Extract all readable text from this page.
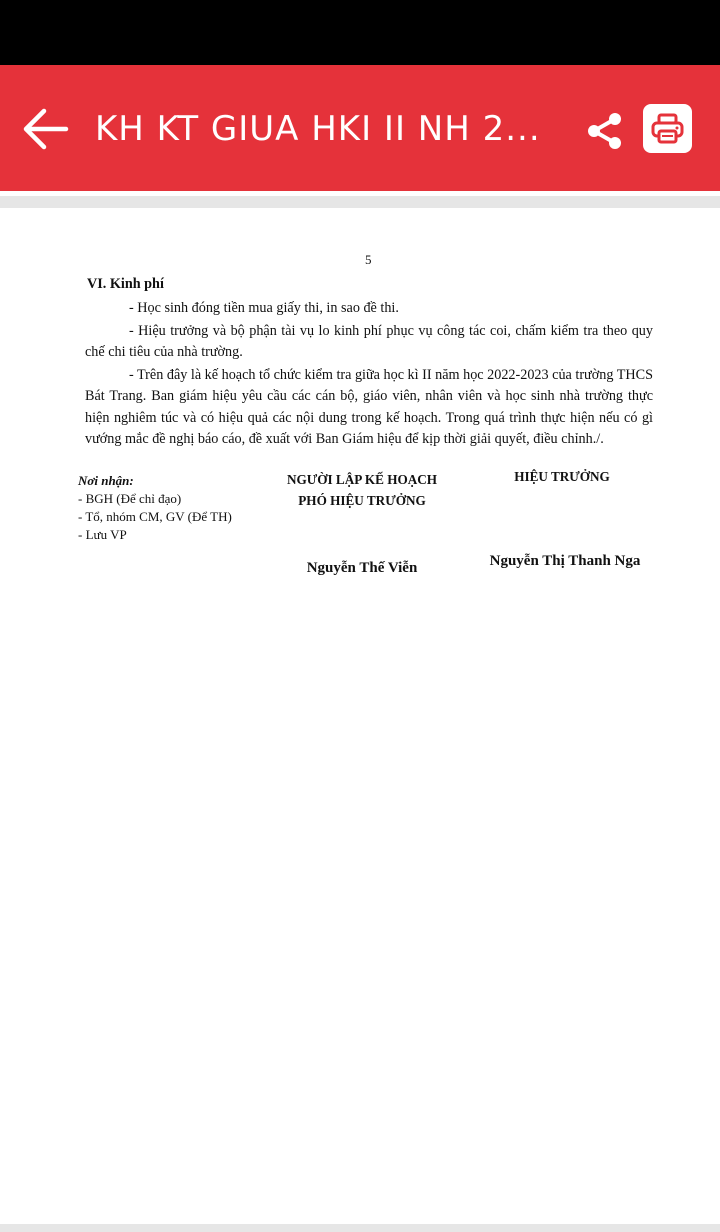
KH KT GIUA HKI II NH 2...
5
VI. Kinh phí
- Học sinh đóng tiền mua giấy thi, in sao đề thi.
- Hiệu trưởng và bộ phận tài vụ lo kinh phí phục vụ công tác coi, chấm kiểm tra theo quy chế chi tiêu của nhà trường.
- Trên đây là kế hoạch tổ chức kiểm tra giữa học kì II năm học 2022-2023 của trường THCS Bát Trang. Ban giám hiệu yêu cầu các cán bộ, giáo viên, nhân viên và học sinh nhà trường thực hiện nghiêm túc và có hiệu quả các nội dung trong kế hoạch. Trong quá trình thực hiện nếu có gì vướng mắc đề nghị báo cáo, đề xuất với Ban Giám hiệu để kịp thời giải quyết, điều chỉnh./.
Nơi nhận:
- BGH (Để chỉ đạo)
- Tổ, nhóm CM, GV (Để TH)
- Lưu VP
NGƯỜI LẬP KẾ HOẠCH
PHÓ HIỆU TRƯỞNG
HIỆU TRƯỞNG
Nguyễn Thế Viễn	Nguyễn Thị Thanh Nga
